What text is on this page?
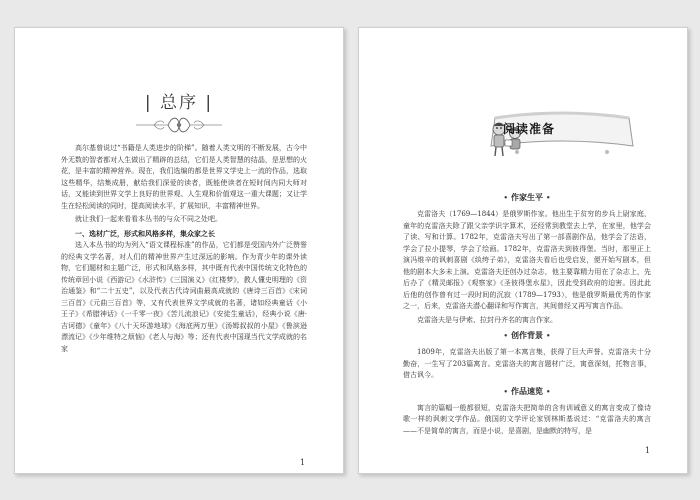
| 总序 |

高尔基曾说过“书籍是人类进步的阶梯”。随着人类文明的不断发展，古今中外无数的智者都对人生做出了精辟的总结，它们是人类智慧的结晶，是思想的火花，是丰富的精神营养。现在，我们选编的都是世界文学史上一流的作品，选取这些精华，结集成册，献给我们深爱的读者，既能使读者在短时间内同大师对话，又能读到世界文学上良好的世界观、人生观和价值观这一重大课题；又让学生在轻松阅读的同时，提高阅读水平，扩展知识，丰富精神世界。

就让我们一起来看看本丛书的与众不同之处吧。

一、选材广泛，形式和风格多样，集众家之长

选入本丛书的均为列入“语文课程标准”的作品，它们都是受国内外广泛赞誉的经典文学名著，对人们的精神世界产生过深远的影响。作为青少年的课外读物，它们题材和主题广泛，形式和风格多样，其中既有代表中国传统文化特色的传统章回小说《西游记》《水浒传》《三国演义》《红楼梦》，教人懂史明理的《资治通鉴》和“二十五史”，以及代表古代诗词曲最高成就的《唐诗三百首》《宋词三百首》《元曲三百首》等，又有代表世界文学成就的名著，诸如经典童话《小王子》《希腊神话》《一千零一夜》《苦儿流浪记》《安徒生童话》，经典小说《唐·吉诃德》《童年》《八十天环游地球》《海底两万里》《汤姆叔叔的小屋》《鲁滨逊漂流记》《少年维特之烦恼》《老人与海》等；还有代表中国现当代文学成就的名家

1
阅读准备
• 作家生平 •

克雷洛夫（1769—1844）是俄罗斯作家。他出生于贫穷的步兵上尉家庭，童年的克雷洛夫除了跟父亲学识字算术，还经常到教堂去上学，在家里，他学会了读、写和计算。1782年，克雷洛夫写出了第一部喜剧作品，他学会了法语，学会了拉小提琴，学会了绘画。1782年，克雷洛夫到彼得堡。当时，那里正上演冯维辛的讽刺喜剧《纨绔子弟》，克雷洛夫看后也受启发，便开始写剧本，但他的剧本大多未上演。克雷洛夫还创办过杂志，他主要靠精力用在了杂志上，先后办了《精灵邮报》《观察家》《圣彼得堡水星》，因此受到政府的迫害。因此此后他的创作曾有过一段时间的沉寂（1789—1793），他是俄罗斯最优秀的作家之一，后来，克雷洛夫潜心翻译和写作寓言，其间曾经又再写寓言作品。

克雷洛夫是与伊索、拉封丹齐名的寓言作家。

• 创作背景 •

1809年，克雷洛夫出版了第一本寓言集，获得了巨大声誉。克雷洛夫十分勤奋，一生写了203篇寓言。克雷洛夫的寓言题材广泛，寓意深刻，托物言事，借古讽今。

• 作品速览 •

寓言的篇幅一般都很短，克雷洛夫把简单的含有训诫意义的寓言变成了像诗歌一样的讽刺文学作品。俄国的文学评论家别林斯基说过：“克雷洛夫的寓言——不是简单的寓言，而是小说，是喜剧，是幽默的特写，是

1
